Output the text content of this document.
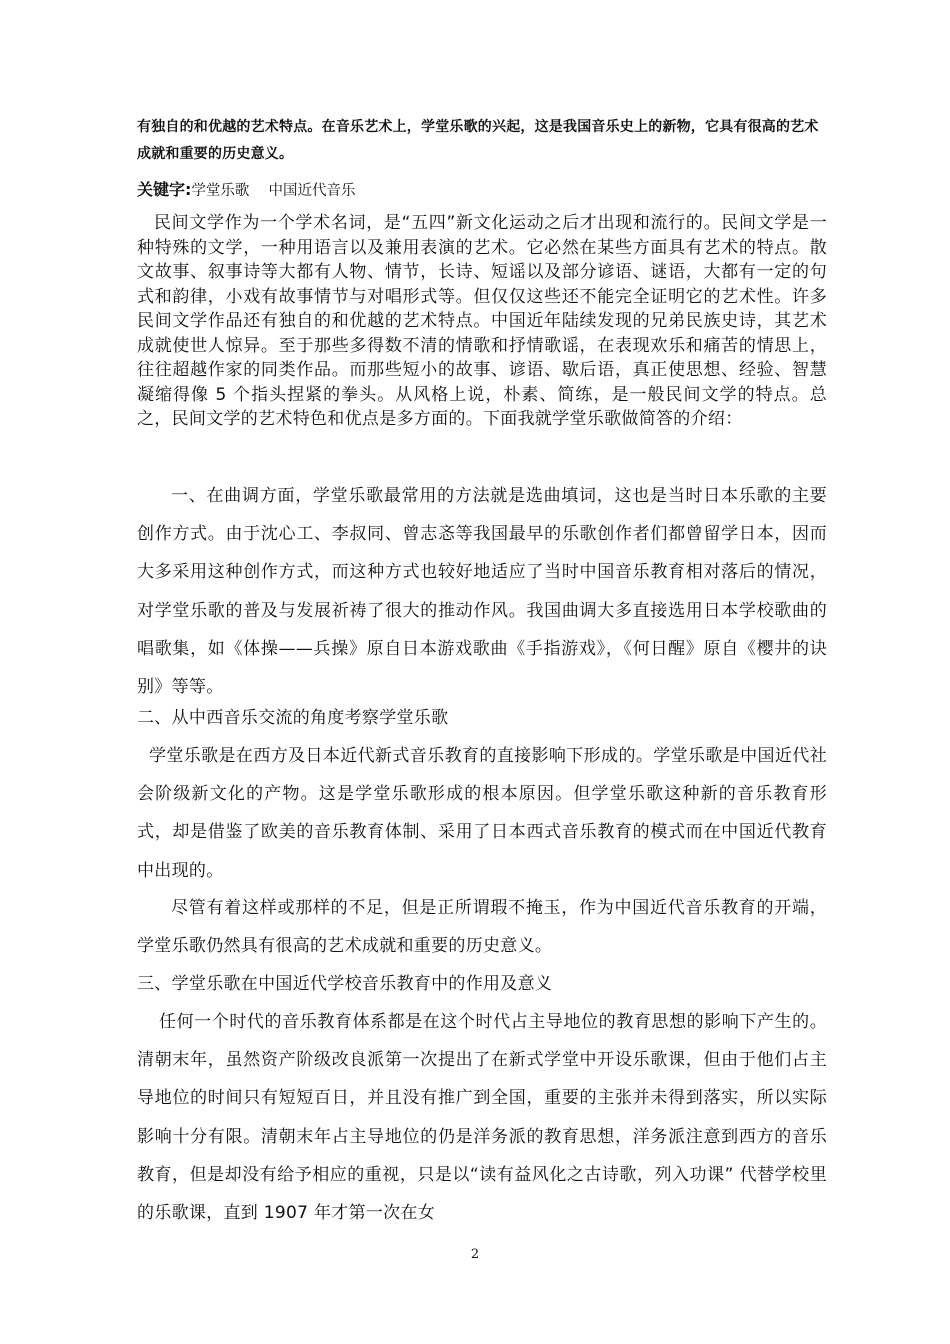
有独自的和优越的艺术特点。在音乐艺术上，学堂乐歌的兴起，这是我国音乐史上的新物，它具有很高的艺术成就和重要的历史意义。
关键字:学堂乐歌　 中国近代音乐
民间文学作为一个学术名词，是“五四”新文化运动之后才出现和流行的。民间文学是一种特殊的文学，一种用语言以及兼用表演的艺术。它必然在某些方面具有艺术的特点。散文故事、叙事诗等大都有人物、情节，长诗、短谣以及部分谚语、谜语，大都有一定的句式和韵律，小戏有故事情节与对唱形式等。但仅仅这些还不能完全证明它的艺术性。许多民间文学作品还有独自的和优越的艺术特点。中国近年陆续发现的兄弟民族史诗，其艺术成就使世人惊异。至于那些多得数不清的情歌和抒情歌谣，在表现欢乐和痛苦的情思上，往往超越作家的同类作品。而那些短小的故事、谚语、歇后语，真正使思想、经验、智慧凝缩得像 5 个指头捏紧的拳头。从风格上说，朴素、简练，是一般民间文学的特点。总之，民间文学的艺术特色和优点是多方面的。下面我就学堂乐歌做简答的介绍：
一、在曲调方面，学堂乐歌最常用的方法就是选曲填词，这也是当时日本乐歌的主要创作方式。由于沈心工、李叔同、曾志忞等我国最早的乐歌创作者们都曾留学日本，因而大多采用这种创作方式，而这种方式也较好地适应了当时中国音乐教育相对落后的情况，对学堂乐歌的普及与发展祈祷了很大的推动作风。我国曲调大多直接选用日本学校歌曲的唱歌集，如《体操——兵操》原自日本游戏歌曲《手指游戏》，《何日醒》原自《樱井的诀别》等等。
二、从中西音乐交流的角度考察学堂乐歌
学堂乐歌是在西方及日本近代新式音乐教育的直接影响下形成的。学堂乐歌是中国近代社会阶级新文化的产物。这是学堂乐歌形成的根本原因。但学堂乐歌这种新的音乐教育形式，却是借鉴了欧美的音乐教育体制、采用了日本西式音乐教育的模式而在中国近代教育中出现的。
尽管有着这样或那样的不足，但是正所谓瑕不掩玉，作为中国近代音乐教育的开端，学堂乐歌仍然具有很高的艺术成就和重要的历史意义。
三、学堂乐歌在中国近代学校音乐教育中的作用及意义
任何一个时代的音乐教育体系都是在这个时代占主导地位的教育思想的影响下产生的。清朝末年，虽然资产阶级改良派第一次提出了在新式学堂中开设乐歌课，但由于他们占主导地位的时间只有短短百日，并且没有推广到全国，重要的主张并未得到落实，所以实际影响十分有限。清朝末年占主导地位的仍是洋务派的教育思想，洋务派注意到西方的音乐教育，但是却没有给予相应的重视，只是以“读有益风化之古诗歌，列入功课” 代替学校里的乐歌课，直到 1907 年才第一次在女
2
